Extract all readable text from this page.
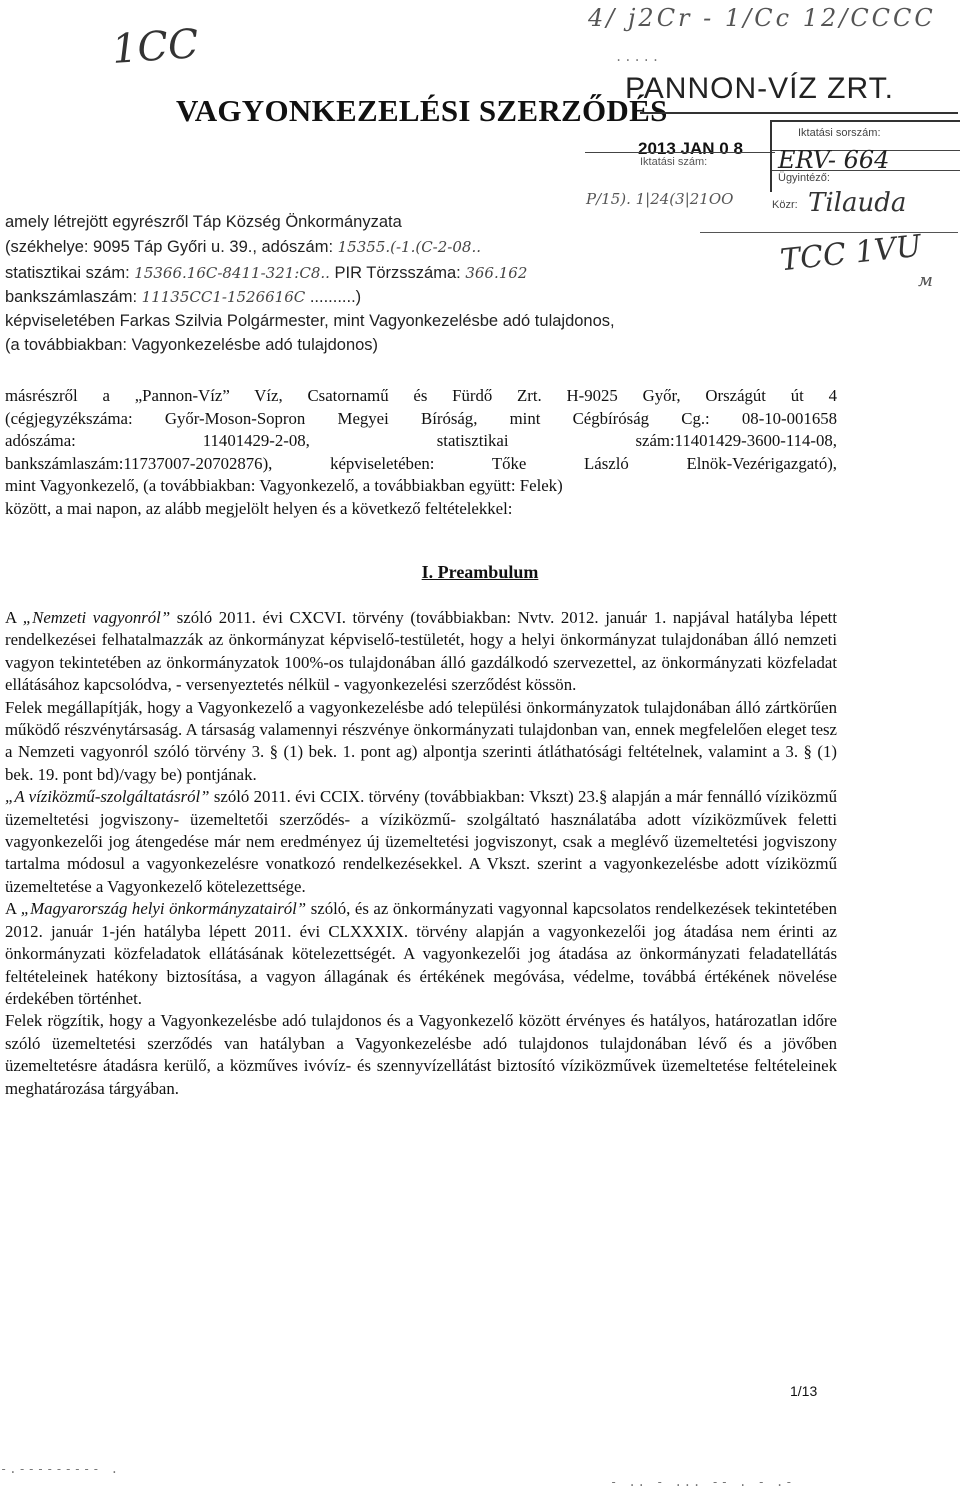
1CC
4/ j2Cr - 1/Cc 12/CCCC
.....
VAGYONKEZELÉSI SZERZŐDÉS
PANNON-VÍZ ZRT.
2013 JAN 0 8
Iktatási szám:
Iktatási sorszám:
ERV- 664
Ügyintéző:
Közr: Tilauda
Р/15). 1|24(3|21ОО
ТСС 1VU
м
amely létrejött egyrészről Táp Község Önkormányzata
(székhelye: 9095 Táp Győri u. 39., adószám: 15355.(-1.(С-2-08..
statisztikai szám: 15366.16С-8411-321:С8.. PIR Törzsszáma: 366.162
bankszámlaszám: 11135СС1-1526616С ..........)
képviseletében Farkas Szilvia Polgármester, mint Vagyonkezelésbe adó tulajdonos,
(a továbbiakban: Vagyonkezelésbe adó tulajdonos)

másrészről a „Pannon-Víz” Víz, Csatornamű és Fürdő Zrt. H-9025 Győr, Országút út 4

(cégjegyzékszáma: Győr-Moson-Sopron Megyei Bíróság, mint Cégbíróság Cg.: 08-10-001658

adószáma: 11401429-2-08, statisztikai szám:11401429-3600-114-08,

bankszámlaszám:11737007-20702876), képviseletében: Tőke László Elnök-Vezérigazgató),

mint Vagyonkezelő, (a továbbiakban: Vagyonkezelő, a továbbiakban együtt: Felek)

között, a mai napon, az alább megjelölt helyen és a következő feltételekkel:

I. Preambulum

A „Nemzeti vagyonról” szóló 2011. évi CXCVI. törvény (továbbiakban: Nvtv. 2012. január 1. napjával hatályba lépett rendelkezései felhatalmazzák az önkormányzat képviselő-testületét, hogy a helyi önkormányzat tulajdonában álló nemzeti vagyon tekintetében az önkormányzatok 100%-os tulajdonában álló gazdálkodó szervezettel, az önkormányzati közfeladat ellátásához kapcsolódva, - versenyeztetés nélkül - vagyonkezelési szerződést kössön.

Felek megállapítják, hogy a Vagyonkezelő a vagyonkezelésbe adó települési önkormányzatok tulajdonában álló zártkörűen működő részvénytársaság. A társaság valamennyi részvénye önkormányzati tulajdonban van, ennek megfelelően eleget tesz a Nemzeti vagyonról szóló törvény 3. § (1) bek. 1. pont ag) alpontja szerinti átláthatósági feltételnek, valamint a 3. § (1) bek. 19. pont bd)/vagy be) pontjának.

„A víziközmű-szolgáltatásról” szóló 2011. évi CCIX. törvény (továbbiakban: Vkszt) 23.§ alapján a már fennálló víziközmű üzemeltetési jogviszony- üzemeltetői szerződés- a víziközmű- szolgáltató használatába adott víziközművek feletti vagyonkezelői jog átengedése már nem eredményez új üzemeltetési jogviszonyt, csak a meglévő üzemeltetési jogviszony tartalma módosul a vagyonkezelésre vonatkozó rendelkezésekkel. A Vkszt. szerint a vagyonkezelésbe adott víziközmű üzemeltetése a Vagyonkezelő kötelezettsége.

A „Magyarország helyi önkormányzatairól” szóló, és az önkormányzati vagyonnal kapcsolatos rendelkezések tekintetében 2012. január 1-jén hatályba lépett 2011. évi CLXXXIX. törvény alapján a vagyonkezelői jog átadása nem érinti az önkormányzati közfeladatok ellátásának kötelezettségét. A vagyonkezelői jog átadása az önkormányzati feladatellátás feltételeinek hatékony biztosítása, a vagyon állagának és értékének megóvása, védelme, továbbá értékének növelése érdekében történhet.

Felek rögzítik, hogy a Vagyonkezelésbe adó tulajdonos és a Vagyonkezelő között érvényes és hatályos, határozatlan időre szóló üzemeltetési szerződés van hatályban a Vagyonkezelésbe adó tulajdonos tulajdonában lévő és a jövőben üzemeltetésre átadásra kerülő, a közműves ivóvíz- és szennyvízellátást biztosító víziközművek üzemeltetése feltételeinek meghatározása tárgyában.

1/13
-.--------- .
- .. - ... -- . - .-
